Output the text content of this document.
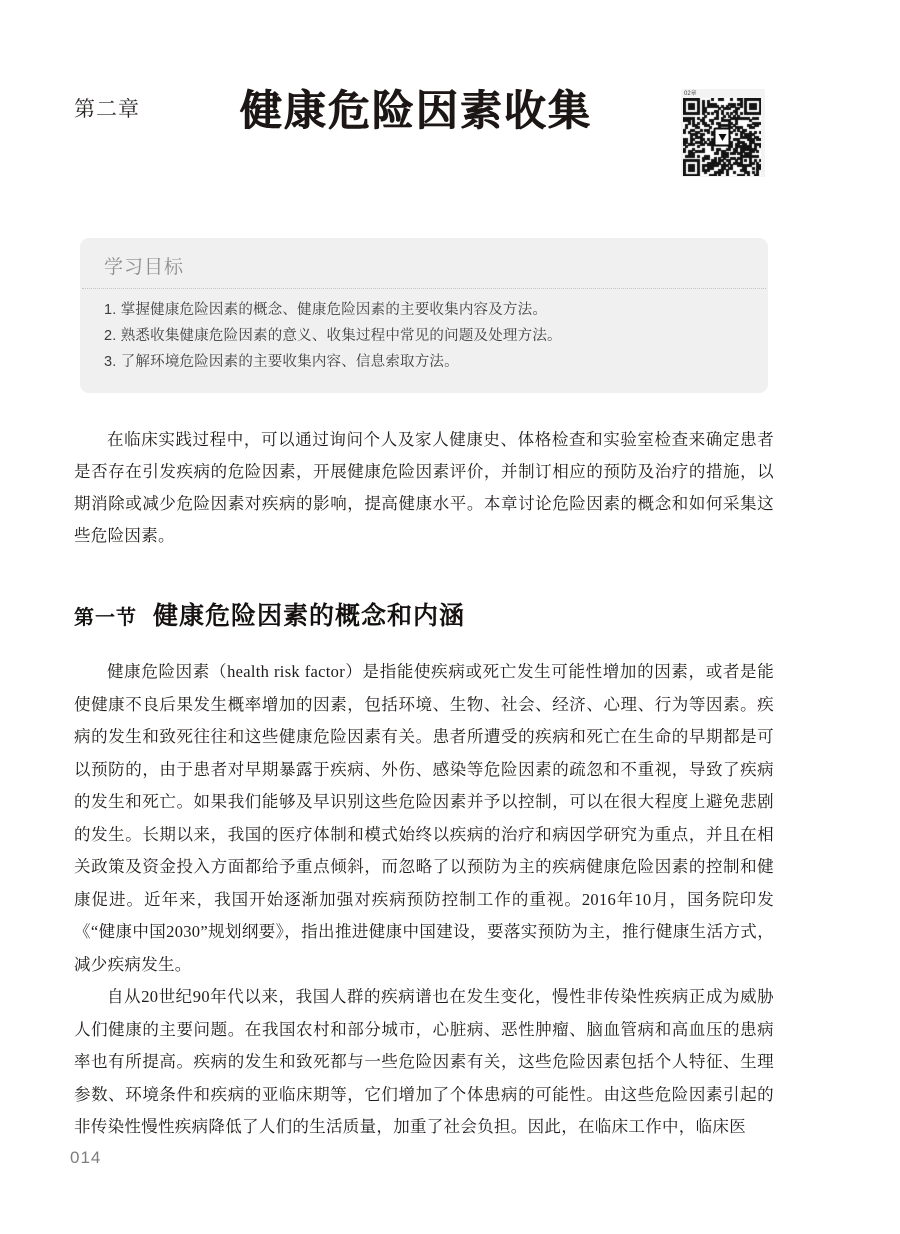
第二章 健康危险因素收集	02章
学习目标
1. 掌握健康危险因素的概念、健康危险因素的主要收集内容及方法。
2. 熟悉收集健康危险因素的意义、收集过程中常见的问题及处理方法。
3. 了解环境危险因素的主要收集内容、信息索取方法。
在临床实践过程中，可以通过询问个人及家人健康史、体格检查和实验室检查来确定患者是否存在引发疾病的危险因素，开展健康危险因素评价，并制订相应的预防及治疗的措施，以期消除或减少危险因素对疾病的影响，提高健康水平。本章讨论危险因素的概念和如何采集这些危险因素。
第一节 健康危险因素的概念和内涵

健康危险因素（health risk factor）是指能使疾病或死亡发生可能性增加的因素，或者是能使健康不良后果发生概率增加的因素，包括环境、生物、社会、经济、心理、行为等因素。疾病的发生和致死往往和这些健康危险因素有关。患者所遭受的疾病和死亡在生命的早期都是可以预防的，由于患者对早期暴露于疾病、外伤、感染等危险因素的疏忽和不重视，导致了疾病的发生和死亡。如果我们能够及早识别这些危险因素并予以控制，可以在很大程度上避免悲剧的发生。长期以来，我国的医疗体制和模式始终以疾病的治疗和病因学研究为重点，并且在相关政策及资金投入方面都给予重点倾斜，而忽略了以预防为主的疾病健康危险因素的控制和健康促进。近年来，我国开始逐渐加强对疾病预防控制工作的重视。2016年10月，国务院印发《“健康中国2030”规划纲要》，指出推进健康中国建设，要落实预防为主，推行健康生活方式，减少疾病发生。

自从20世纪90年代以来，我国人群的疾病谱也在发生变化，慢性非传染性疾病正成为威胁人们健康的主要问题。在我国农村和部分城市，心脏病、恶性肿瘤、脑血管病和高血压的患病率也有所提高。疾病的发生和致死都与一些危险因素有关，这些危险因素包括个人特征、生理参数、环境条件和疾病的亚临床期等，它们增加了个体患病的可能性。由这些危险因素引起的非传染性慢性疾病降低了人们的生活质量，加重了社会负担。因此，在临床工作中，临床医

014
